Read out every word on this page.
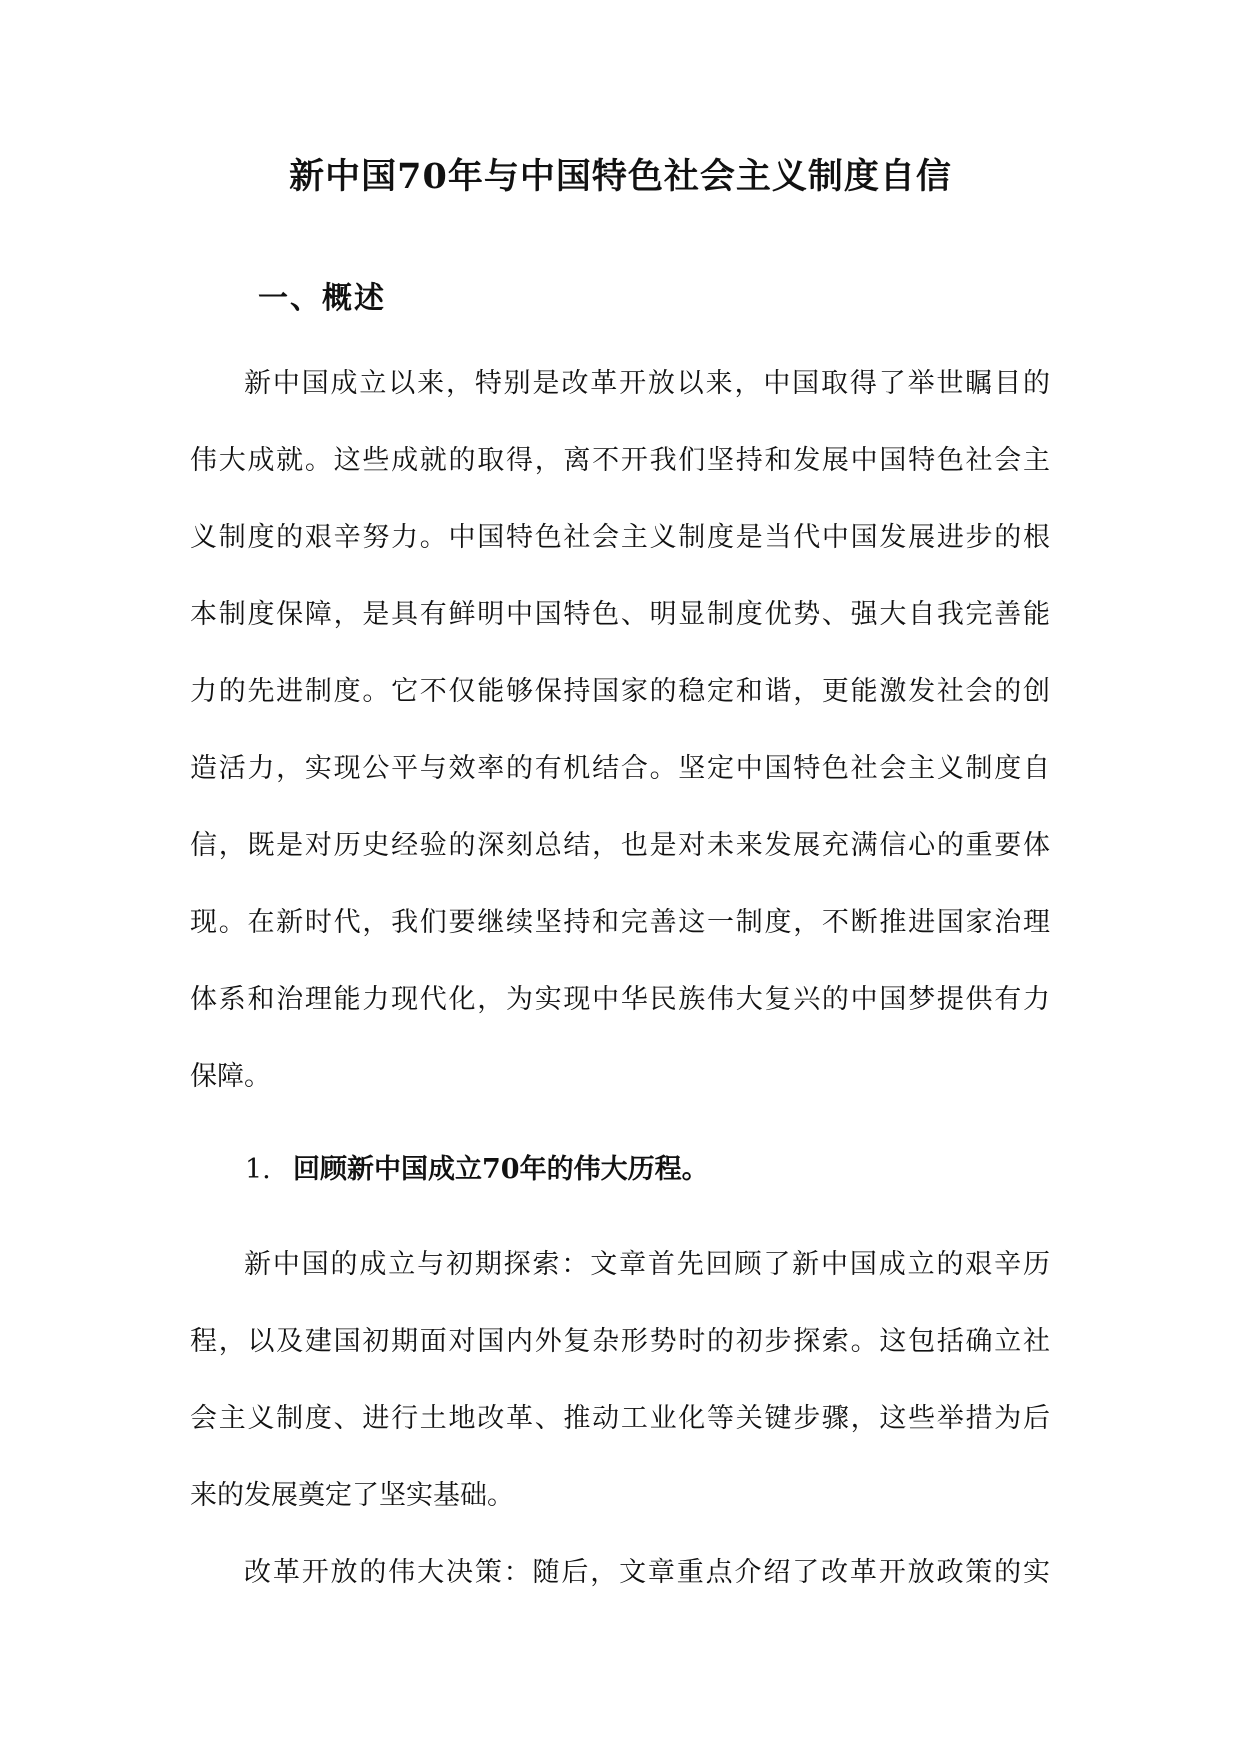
新中国70年与中国特色社会主义制度自信
一、概述
新中国成立以来，特别是改革开放以来，中国取得了举世瞩目的
伟大成就。这些成就的取得，离不开我们坚持和发展中国特色社会主
义制度的艰辛努力。中国特色社会主义制度是当代中国发展进步的根
本制度保障，是具有鲜明中国特色、明显制度优势、强大自我完善能
力的先进制度。它不仅能够保持国家的稳定和谐，更能激发社会的创
造活力，实现公平与效率的有机结合。坚定中国特色社会主义制度自
信，既是对历史经验的深刻总结，也是对未来发展充满信心的重要体
现。在新时代，我们要继续坚持和完善这一制度，不断推进国家治理
体系和治理能力现代化，为实现中华民族伟大复兴的中国梦提供有力
保障。
1. 回顾新中国成立70年的伟大历程。
新中国的成立与初期探索：文章首先回顾了新中国成立的艰辛历
程，以及建国初期面对国内外复杂形势时的初步探索。这包括确立社
会主义制度、进行土地改革、推动工业化等关键步骤，这些举措为后
来的发展奠定了坚实基础。
改革开放的伟大决策：随后，文章重点介绍了改革开放政策的实
